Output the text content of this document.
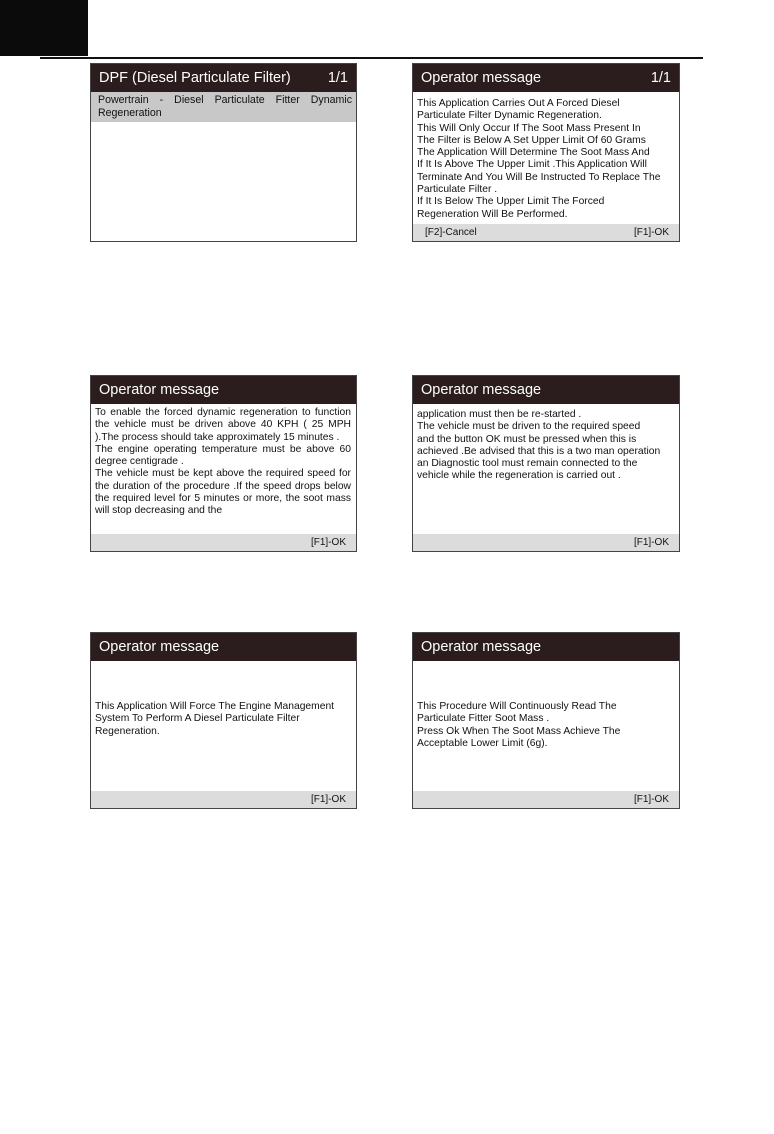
DPF (Diesel Particulate Filter)	1/1
Powertrain - Diesel Particulate Fitter Dynamic Regeneration
Operator message	1/1
This Application Carries Out A Forced Diesel
Particulate Filter Dynamic Regeneration.
This Will Only Occur If The Soot Mass Present In
The Filter is Below A Set Upper Limit Of 60 Grams
The Application Will Determine The Soot Mass And
If It Is Above The Upper Limit .This Application Will
Terminate And You Will Be Instructed To Replace The
Particulate Filter .
If It Is Below The Upper Limit The Forced
Regeneration Will Be Performed.
[F2]-Cancel	[F1]-OK
Operator message
To enable the forced dynamic regeneration to function the vehicle must be driven above 40 KPH ( 25 MPH ).The process should take approximately 15 minutes .
The engine operating temperature must be above 60 degree centigrade .
The vehicle must be kept above the required speed for the duration of the procedure .If the speed drops below the required level for 5 minutes or more, the soot mass will stop decreasing and the
[F1]-OK
Operator message
application must then be re-started .
The vehicle must be driven to the required speed
and the button OK must be pressed when this is
achieved .Be advised that this is a two man operation
an Diagnostic tool must remain connected to the
vehicle while the regeneration is carried out .
[F1]-OK
Operator message
This Application Will Force The Engine Management
System To Perform A Diesel Particulate Filter
Regeneration.
[F1]-OK
Operator message
This Procedure Will Continuously Read The
Particulate Fitter Soot Mass .
Press Ok When The Soot Mass Achieve The
Acceptable Lower Limit (6g).
[F1]-OK
